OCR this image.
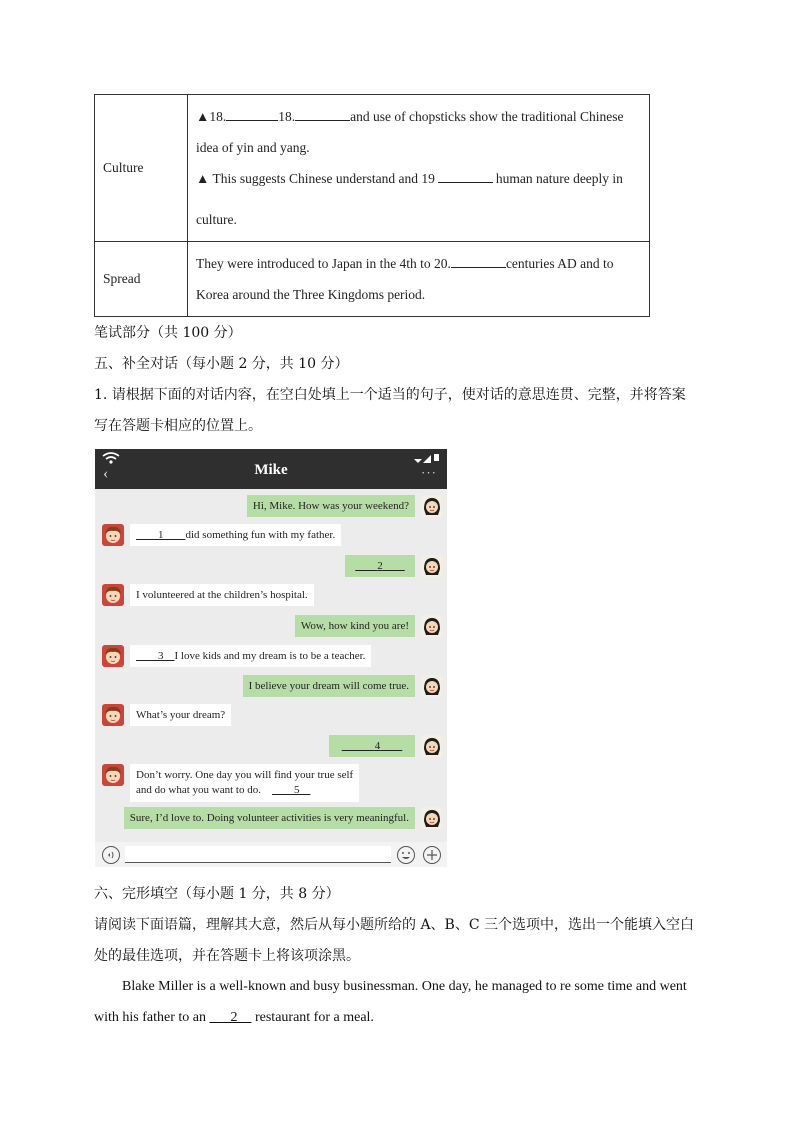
Culture	▲18. 18. and use of chopsticks show the traditional Chinese
idea of yin and yang.
▲ This suggests Chinese understand and 19 human nature deeply in
culture.

Spread	They were introduced to Japan in the 4th to 20. centuries AD and to
Korea around the Three Kingdoms period.
笔试部分（共 100 分）
五、补全对话（每小题 2 分，共 10 分）
1. 请根据下面的对话内容，在空白处填上一个适当的句子，使对话的意思连贯、完整，并将答案
写在答题卡相应的位置上。
‹	Mike	···
Hi, Mike. How was your weekend?
  1   did something fun with my father.
  2  
I volunteered at the children’s hospital.
Wow, how kind you are!
  3  I love kids and my dream is to be a teacher.
I believe your dream will come true.
What’s your dream?
   4  
Don’t worry. One day you will find your true self
and do what you want to do.   	5 
Sure, I’d love to. Doing volunteer activities is very meaningful.
六、完形填空（每小题 1 分，共 8 分）
请阅读下面语篇，理解其大意，然后从每小题所给的 A、B、C 三个选项中，选出一个能填入空白
处的最佳选项，并在答题卡上将该项涂黑。
Blake Miller is a well-known and busy businessman. One day, he managed to re some time and went
with his father to an    2  restaurant for a meal.
